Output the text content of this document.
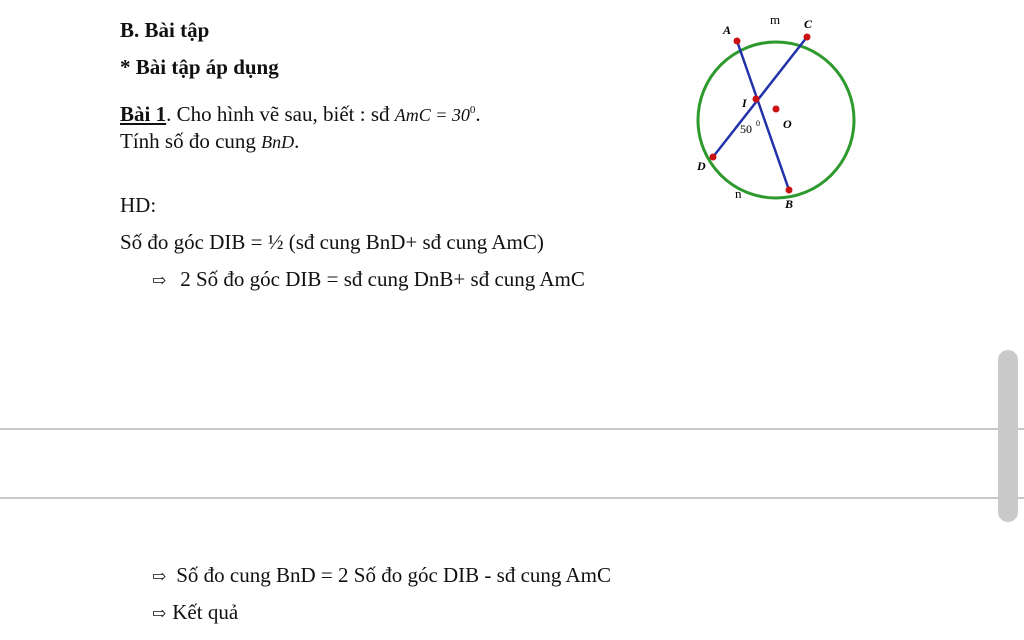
B. Bài tập
* Bài tập áp dụng
Bài 1. Cho hình vẽ sau, biết : sđ AmC = $30^0$.
Tính số đo cung BnD.
HD:
Số đo góc DIB = ½ (sđ cung BnD+ sđ cung AmC)
⇨ 2 Số đo góc DIB = sđ cung DnB+ sđ cung AmC
⇨ Số đo cung BnD = 2 Số đo góc DIB - sđ cung AmC
⇨ Kết quả
A
m C
I
O
50 0
D
n
B
